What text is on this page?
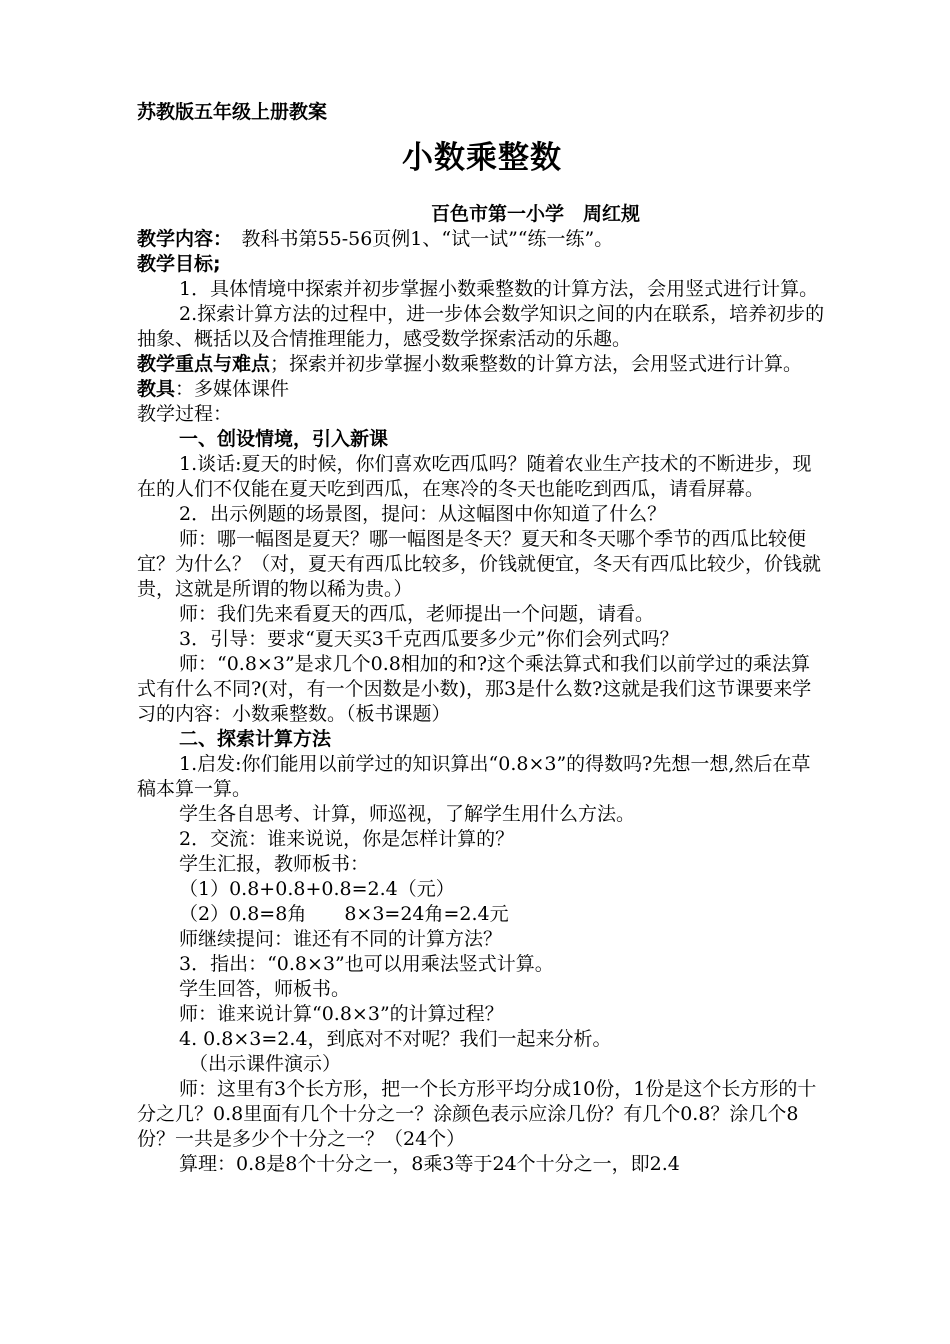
苏教版五年级上册教案
小数乘整数
百色市第一小学　周红规

教学内容：　教科书第55-56页例1、“试一试”“练一练”。

教学目标;

1．具体情境中探索并初步掌握小数乘整数的计算方法，会用竖式进行计算。

2.探索计算方法的过程中，进一步体会数学知识之间的内在联系，培养初步的抽象、概括以及合情推理能力，感受数学探索活动的乐趣。

教学重点与难点；探索并初步掌握小数乘整数的计算方法，会用竖式进行计算。

教具：多媒体课件

教学过程：

一、创设情境，引入新课

1.谈话:夏天的时候，你们喜欢吃西瓜吗？随着农业生产技术的不断进步，现在的人们不仅能在夏天吃到西瓜，在寒冷的冬天也能吃到西瓜，请看屏幕。

2．出示例题的场景图，提问：从这幅图中你知道了什么？

师：哪一幅图是夏天？哪一幅图是冬天？夏天和冬天哪个季节的西瓜比较便宜？为什么？（对，夏天有西瓜比较多，价钱就便宜，冬天有西瓜比较少，价钱就贵，这就是所谓的物以稀为贵。）

师：我们先来看夏天的西瓜，老师提出一个问题，请看。

3．引导：要求“夏天买3千克西瓜要多少元”你们会列式吗？

师：“0.8×3”是求几个0.8相加的和?这个乘法算式和我们以前学过的乘法算式有什么不同?(对，有一个因数是小数)，那3是什么数?这就是我们这节课要来学习的内容：小数乘整数。（板书课题）

二、探索计算方法

1.启发:你们能用以前学过的知识算出“0.8×3”的得数吗?先想一想,然后在草稿本算一算。

学生各自思考、计算，师巡视，了解学生用什么方法。

2．交流：谁来说说，你是怎样计算的？

学生汇报，教师板书：

（1）0.8+0.8+0.8=2.4（元）

（2）0.8=8角　　8×3=24角=2.4元

师继续提问：谁还有不同的计算方法？

3．指出：“0.8×3”也可以用乘法竖式计算。

学生回答，师板书。

师：谁来说计算“0.8×3”的计算过程？

4. 0.8×3=2.4，到底对不对呢？我们一起来分析。

（出示课件演示）

师：这里有3个长方形，把一个长方形平均分成10份，1份是这个长方形的十分之几？0.8里面有几个十分之一？涂颜色表示应涂几份？有几个0.8？涂几个8份？一共是多少个十分之一？（24个）

算理：0.8是8个十分之一，8乘3等于24个十分之一，即2.4
